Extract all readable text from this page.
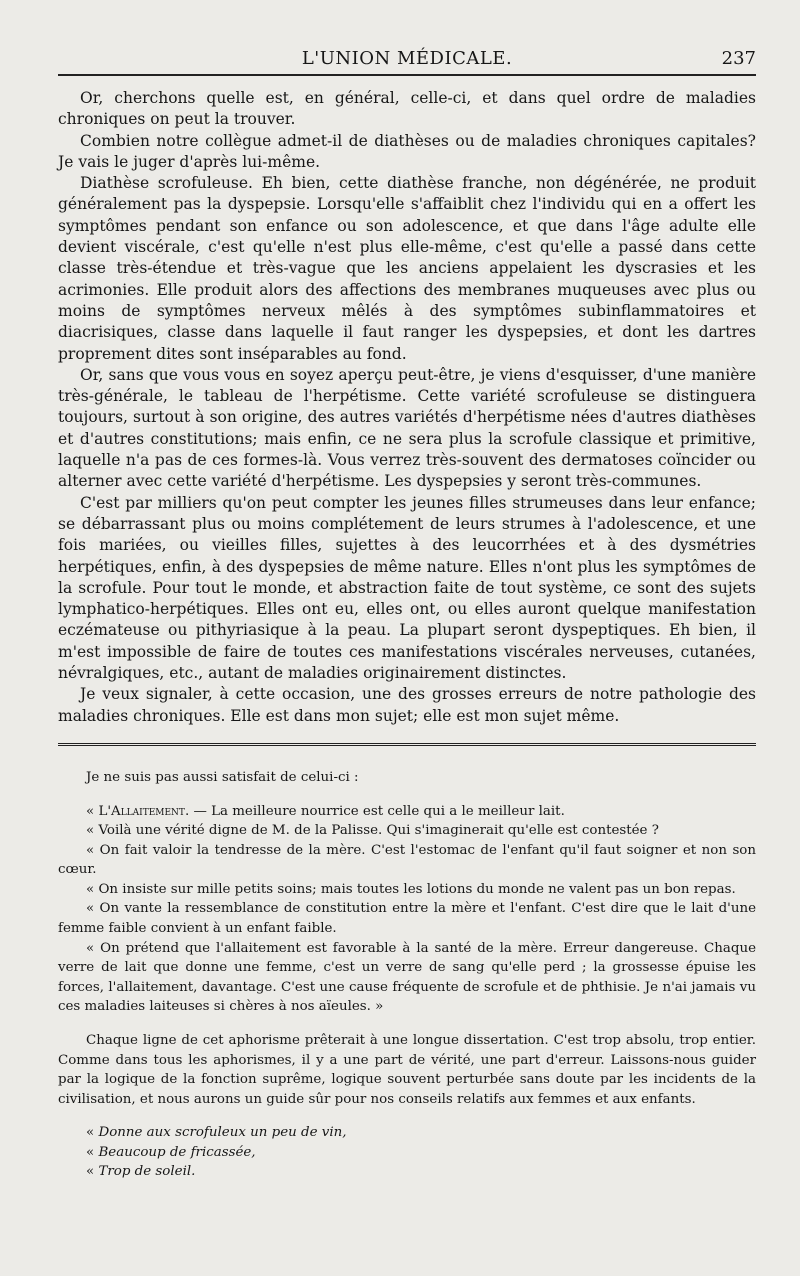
L'UNION MÉDICALE.	237

Or, cherchons quelle est, en général, celle-ci, et dans quel ordre de maladies chroniques on peut la trouver.

Combien notre collègue admet-il de diathèses ou de maladies chroniques capitales? Je vais le juger d'après lui-même.

Diathèse scrofuleuse. Eh bien, cette diathèse franche, non dégénérée, ne produit généralement pas la dyspepsie. Lorsqu'elle s'affaiblit chez l'individu qui en a offert les symptômes pendant son enfance ou son adolescence, et que dans l'âge adulte elle devient viscérale, c'est qu'elle n'est plus elle-même, c'est qu'elle a passé dans cette classe très-étendue et très-vague que les anciens appelaient les dyscrasies et les acrimonies. Elle produit alors des affections des membranes muqueuses avec plus ou moins de symptômes nerveux mêlés à des symptômes subinflammatoires et diacrisiques, classe dans laquelle il faut ranger les dyspepsies, et dont les dartres proprement dites sont inséparables au fond.

Or, sans que vous vous en soyez aperçu peut-être, je viens d'esquisser, d'une manière très-générale, le tableau de l'herpétisme. Cette variété scrofuleuse se distinguera toujours, surtout à son origine, des autres variétés d'herpétisme nées d'autres diathèses et d'autres constitutions; mais enfin, ce ne sera plus la scrofule classique et primitive, laquelle n'a pas de ces formes-là. Vous verrez très-souvent des dermatoses coïncider ou alterner avec cette variété d'herpétisme. Les dyspepsies y seront très-communes.

C'est par milliers qu'on peut compter les jeunes filles strumeuses dans leur enfance; se débarrassant plus ou moins complétement de leurs strumes à l'adolescence, et une fois mariées, ou vieilles filles, sujettes à des leucorrhées et à des dysmétries herpétiques, enfin, à des dyspepsies de même nature. Elles n'ont plus les symptômes de la scrofule. Pour tout le monde, et abstraction faite de tout système, ce sont des sujets lymphatico-herpétiques. Elles ont eu, elles ont, ou elles auront quelque manifestation eczémateuse ou pithyriasique à la peau. La plupart seront dyspeptiques. Eh bien, il m'est impossible de faire de toutes ces manifestations viscérales nerveuses, cutanées, névralgiques, etc., autant de maladies originairement distinctes.

Je veux signaler, à cette occasion, une des grosses erreurs de notre pathologie des maladies chroniques. Elle est dans mon sujet; elle est mon sujet même.

Je ne suis pas aussi satisfait de celui-ci :

« L'Allaitement. — La meilleure nourrice est celle qui a le meilleur lait.

« Voilà une vérité digne de M. de la Palisse. Qui s'imaginerait qu'elle est contestée ?

« On fait valoir la tendresse de la mère. C'est l'estomac de l'enfant qu'il faut soigner et non son cœur.

« On insiste sur mille petits soins; mais toutes les lotions du monde ne valent pas un bon repas.

« On vante la ressemblance de constitution entre la mère et l'enfant. C'est dire que le lait d'une femme faible convient à un enfant faible.

« On prétend que l'allaitement est favorable à la santé de la mère. Erreur dangereuse. Chaque verre de lait que donne une femme, c'est un verre de sang qu'elle perd ; la grossesse épuise les forces, l'allaitement, davantage. C'est une cause fréquente de scrofule et de phthisie. Je n'ai jamais vu ces maladies laiteuses si chères à nos aïeules. »

Chaque ligne de cet aphorisme prêterait à une longue dissertation. C'est trop absolu, trop entier. Comme dans tous les aphorismes, il y a une part de vérité, une part d'erreur. Laissons-nous guider par la logique de la fonction suprême, logique souvent perturbée sans doute par les incidents de la civilisation, et nous aurons un guide sûr pour nos conseils relatifs aux femmes et aux enfants.

« Donne aux scrofuleux un peu de vin,
« Beaucoup de fricassée,
« Trop de soleil.
